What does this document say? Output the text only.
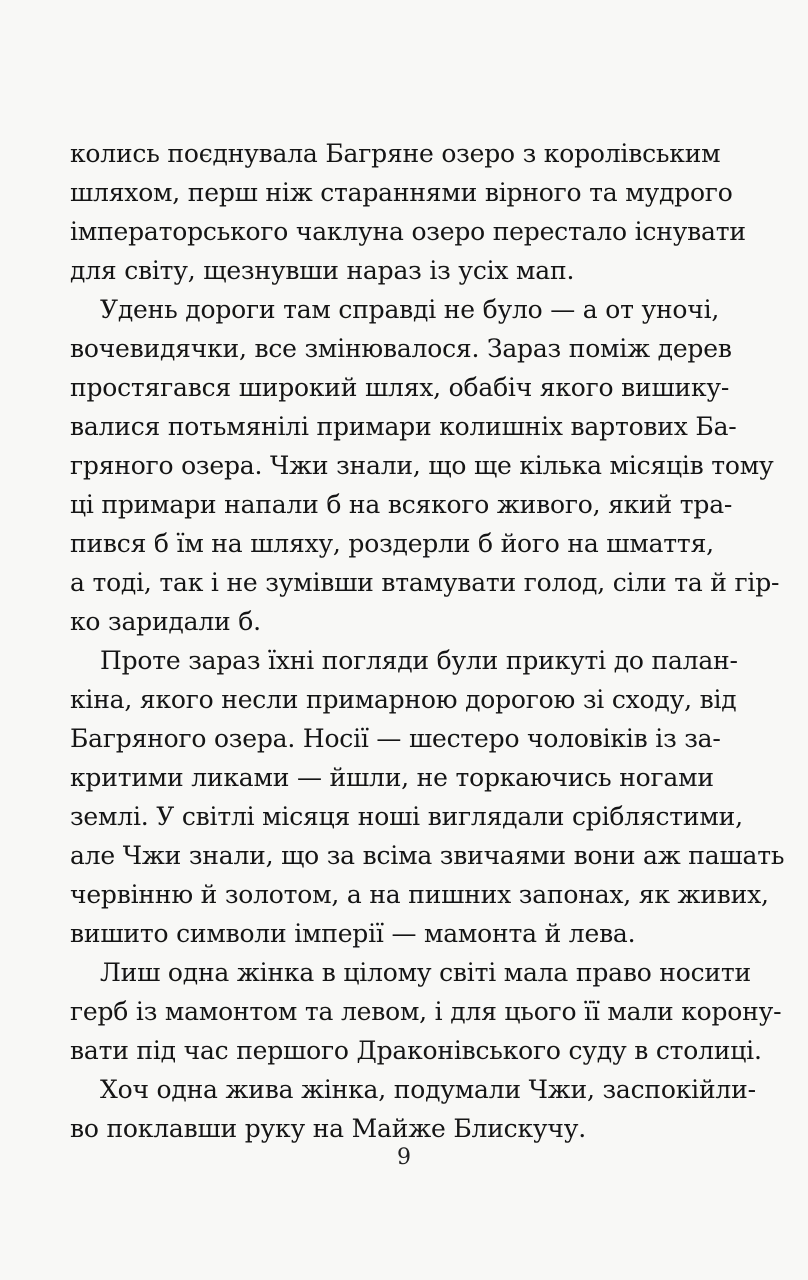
колись поєднувала Багряне озеро з королівським

шляхом, перш ніж стараннями вірного та мудрого

імператорського чаклуна озеро перестало існувати

для світу, щезнувши нараз із усіх мап.

Удень дороги там справді не було — а от уночі,

вочевидячки, все змінювалося. Зараз поміж дерев

простягався широкий шлях, обабіч якого вишику-

валися потьмянілі примари колишніх вартових Ба-

гряного озера. Чжи знали, що ще кілька місяців тому

ці примари напали б на всякого живого, який тра-

пився б їм на шляху, роздерли б його на шмаття,

а тоді, так і не зумівши втамувати голод, сіли та й гір-

ко заридали б.

Проте зараз їхні погляди були прикуті до палан-

кіна, якого несли примарною дорогою зі сходу, від

Багряного озера. Носії — шестеро чоловіків із за-

критими ликами — йшли, не торкаючись ногами

землі. У світлі місяця ноші виглядали сріблястими,

але Чжи знали, що за всіма звичаями вони аж пашать

червінню й золотом, а на пишних запонах, як живих,

вишито символи імперії — мамонта й лева.

Лиш одна жінка в цілому світі мала право носити

герб із мамонтом та левом, і для цього її мали корону-

вати під час першого Драконівського суду в столиці.

Хоч одна жива жінка, подумали Чжи, заспокійли-

во поклавши руку на Майже Блискучу.

9
